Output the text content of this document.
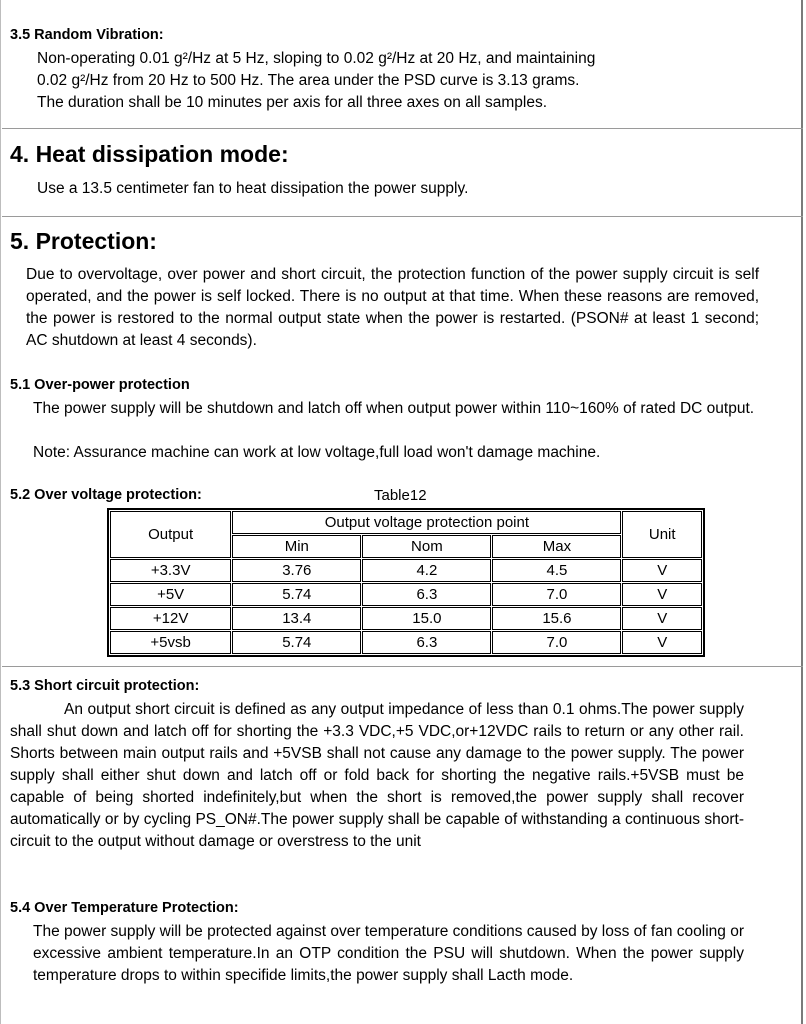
3.5 Random Vibration:
Non-operating 0.01 g²/Hz at 5 Hz, sloping to 0.02 g²/Hz at 20 Hz, and maintaining
0.02 g²/Hz from 20 Hz to 500 Hz. The area under the PSD curve is 3.13 grams.
The duration shall be 10 minutes per axis for all three axes on all samples.
4. Heat dissipation mode:
Use a 13.5 centimeter fan to heat dissipation the power supply.
5. Protection:
Due to overvoltage, over power and short circuit, the protection function of the power supply circuit is self operated, and the power is self locked. There is no output at that time. When these reasons are removed, the power is restored to the normal output state when the power is restarted. (PSON# at least 1 second; AC shutdown at least 4 seconds).
5.1 Over-power protection
The power supply will be shutdown and latch off when output power within 110~160% of rated DC output.
Note: Assurance machine can work at low voltage,full load won't damage machine.
5.2 Over voltage protection:	Table12
Output	Output voltage protection point			Unit
	Min	Nom	Max	
+3.3V	3.76	4.2	4.5	V
+5V	5.74	6.3	7.0	V
+12V	13.4	15.0	15.6	V
+5vsb	5.74	6.3	7.0	V
5.3 Short circuit protection:
An output short circuit is defined as any output impedance of less than 0.1 ohms.The power supply shall shut down and latch off for shorting the +3.3 VDC,+5 VDC,or+12VDC rails to return or any other rail. Shorts between main output rails and +5VSB shall not cause any damage to the power supply. The power supply shall either shut down and latch off or fold back for shorting the negative rails.+5VSB must be capable of being shorted indefinitely,but when the short is removed,the power supply shall recover automatically or by cycling PS_ON#.The power supply shall be capable of withstanding a continuous short-circuit to the output without damage or overstress to the unit
5.4 Over Temperature Protection:
The power supply will be protected against over temperature conditions caused by loss of fan cooling or excessive ambient temperature.In an OTP condition the PSU will shutdown. When the power supply temperature drops to within specifide limits,the power supply shall Lacth mode.
